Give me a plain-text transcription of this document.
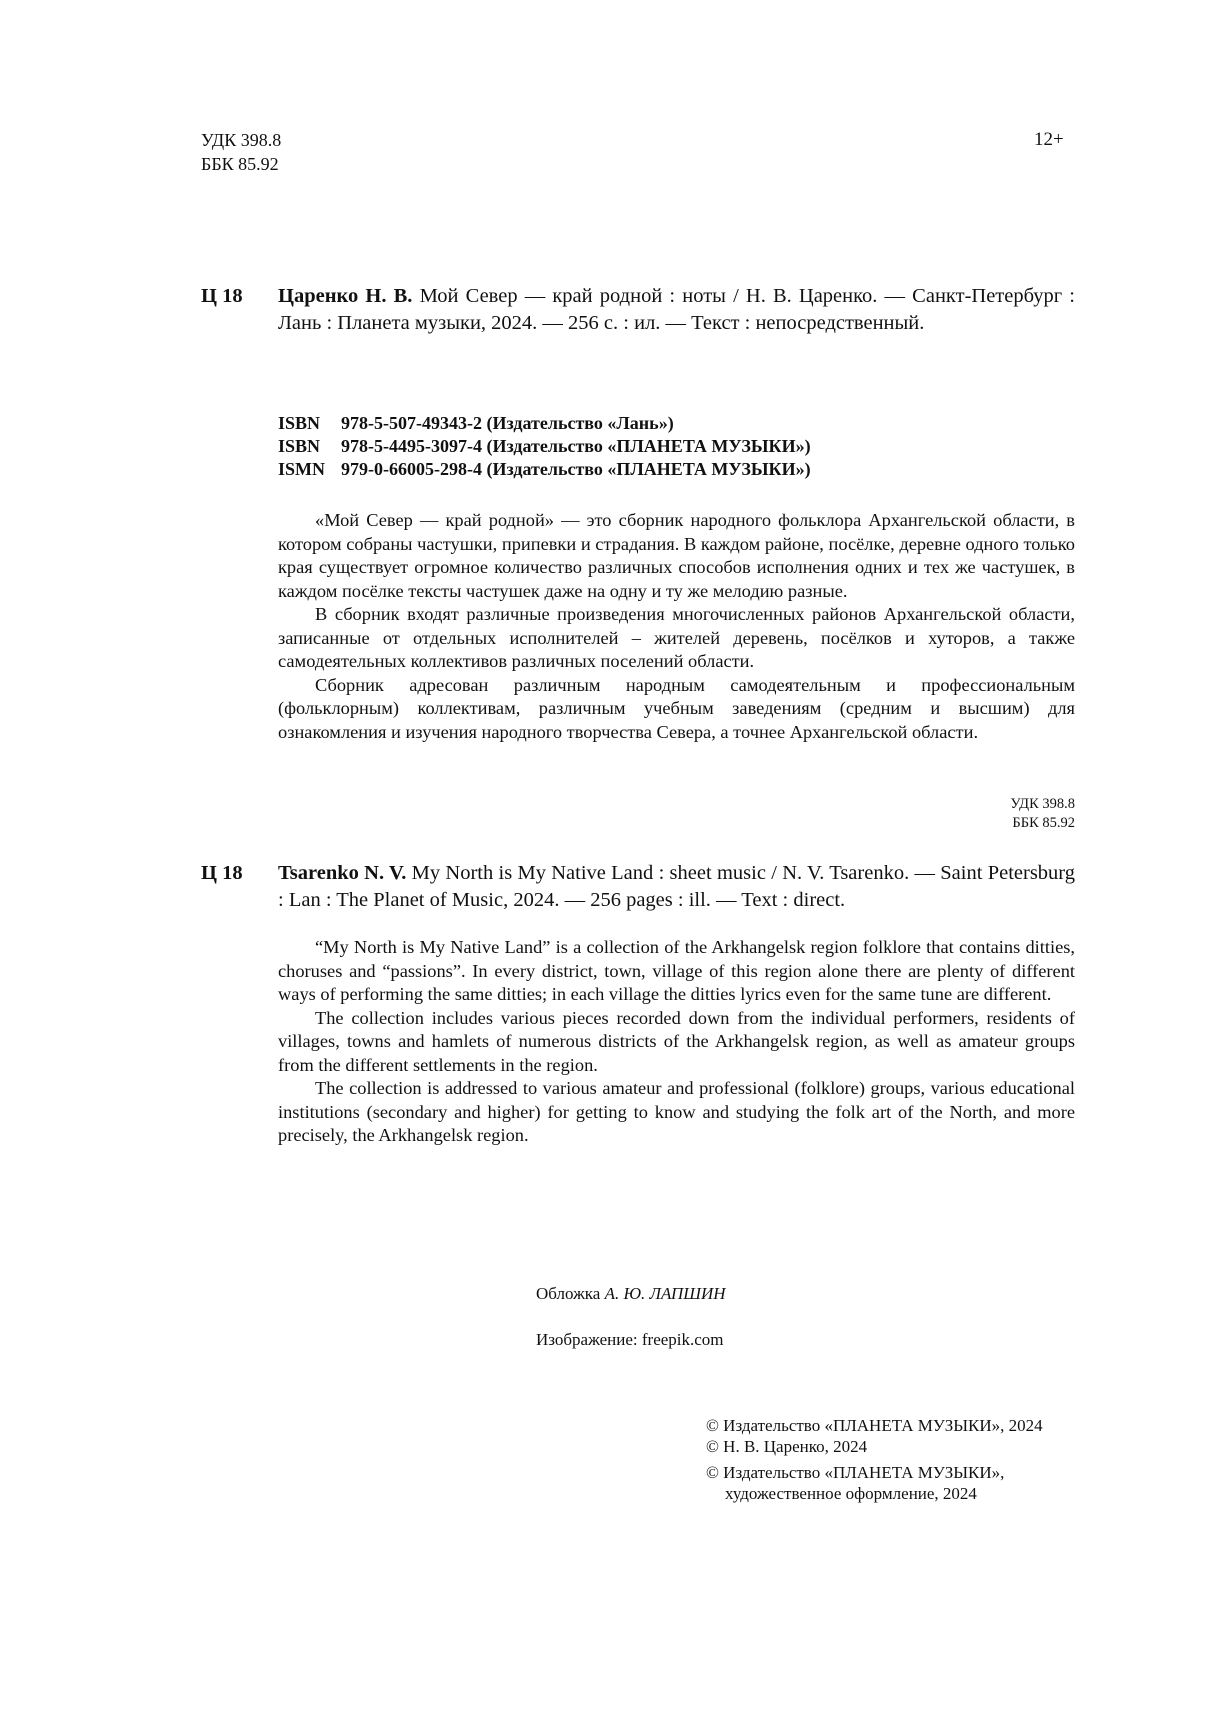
УДК 398.8
ББК 85.92
12+
Ц 18 Царенко Н. В. Мой Север — край родной : ноты / Н. В. Царенко. — Санкт-Петербург : Лань : Планета музыки, 2024. — 256 с. : ил. — Текст : непосредственный.
ISBN 978-5-507-49343-2 (Издательство «Лань»)
ISBN 978-5-4495-3097-4 (Издательство «ПЛАНЕТА МУЗЫКИ»)
ISMN 979-0-66005-298-4 (Издательство «ПЛАНЕТА МУЗЫКИ»)

«Мой Север — край родной» — это сборник народного фольклора Архангельской области, в котором собраны частушки, припевки и страдания. В каждом районе, посёлке, деревне одного только края существует огромное количество различных способов исполнения одних и тех же частушек, в каждом посёлке тексты частушек даже на одну и ту же мелодию разные.

В сборник входят различные произведения многочисленных районов Архангельской области, записанные от отдельных исполнителей – жителей деревень, посёлков и хуторов, а также самодеятельных коллективов различных поселений области.

Сборник адресован различным народным самодеятельным и профессиональным (фольклорным) коллективам, различным учебным заведениям (средним и высшим) для ознакомления и изучения народного творчества Севера, а точнее Архангельской области.

УДК 398.8
ББК 85.92
Ц 18 Tsarenko N. V. My North is My Native Land : sheet music / N. V. Tsarenko. — Saint Petersburg : Lan : The Planet of Music, 2024. — 256 pages : ill. — Text : direct.

“My North is My Native Land” is a collection of the Arkhangelsk region folklore that contains ditties, choruses and “passions”. In every district, town, village of this region alone there are plenty of different ways of performing the same ditties; in each village the ditties lyrics even for the same tune are different.

The collection includes various pieces recorded down from the individual performers, residents of villages, towns and hamlets of numerous districts of the Arkhangelsk region, as well as amateur groups from the different settlements in the region.

The collection is addressed to various amateur and professional (folklore) groups, various educational institutions (secondary and higher) for getting to know and studying the folk art of the North, and more precisely, the Arkhangelsk region.

Обложка А. Ю. ЛАПШИН
Изображение: freepik.com
© Издательство «ПЛАНЕТА МУЗЫКИ», 2024
© Н. В. Царенко, 2024
© Издательство «ПЛАНЕТА МУЗЫКИ»,
художественное оформление, 2024
